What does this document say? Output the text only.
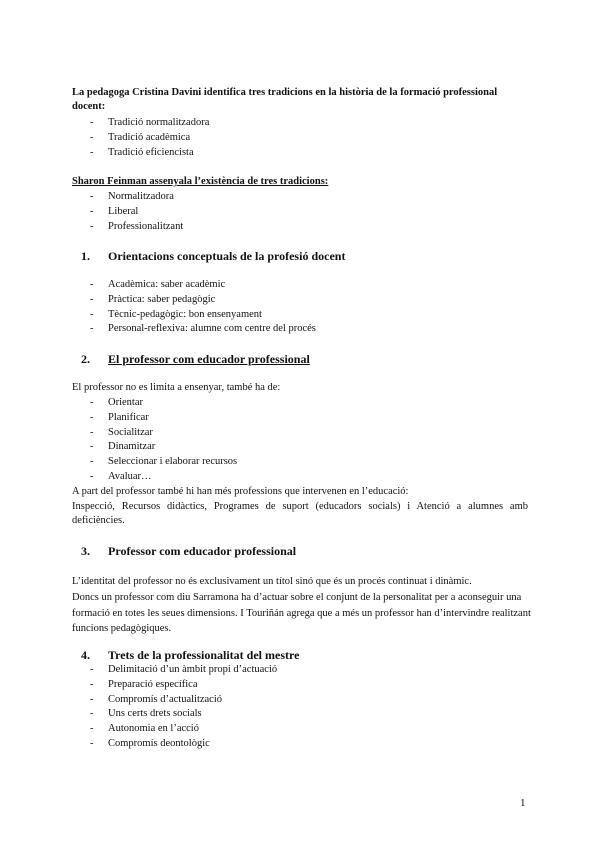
La pedagoga Cristina Davini identifica tres tradicions en la història de la formació professional docent:
- Tradició normalitzadora
- Tradició acadèmica
- Tradició eficiencista
Sharon Feinman assenyala l’existència de tres tradicions:
- Normalitzadora
- Liberal
- Professionalitzant
1. Orientacions conceptuals de la profesió docent
- Acadèmica: saber acadèmic
- Pràctica: saber pedagògic
- Tècnic-pedagògic: bon ensenyament
- Personal-reflexiva: alumne com centre del procés
2. El professor com educador professional
El professor no es limita a ensenyar, també ha de:
- Orientar
- Planificar
- Socialitzar
- Dinamitzar
- Seleccionar i elaborar recursos
- Avaluar…
A part del professor també hi han més professions que intervenen en l’educació:
Inspecció, Recursos didàctics, Programes de suport (educadors socials) i Atenció a alumnes amb deficiències.
3. Professor com educador professional
L’identitat del professor no és exclusivament un títol sinó que és un procés continuat i dinàmic.
Doncs un professor com diu Sarramona ha d’actuar sobre el conjunt de la personalitat per a aconseguir una formació en totes les seues dimensions. I Touriñán agrega que a més un professor han d’intervindre realitzant funcions pedagògiques.
4. Trets de la professionalitat del mestre
- Delimitació d’un àmbit propi d’actuació
- Preparació específica
- Compromís d’actualització
- Uns certs drets socials
- Autonomia en l’acció
- Compromís deontològic
1
